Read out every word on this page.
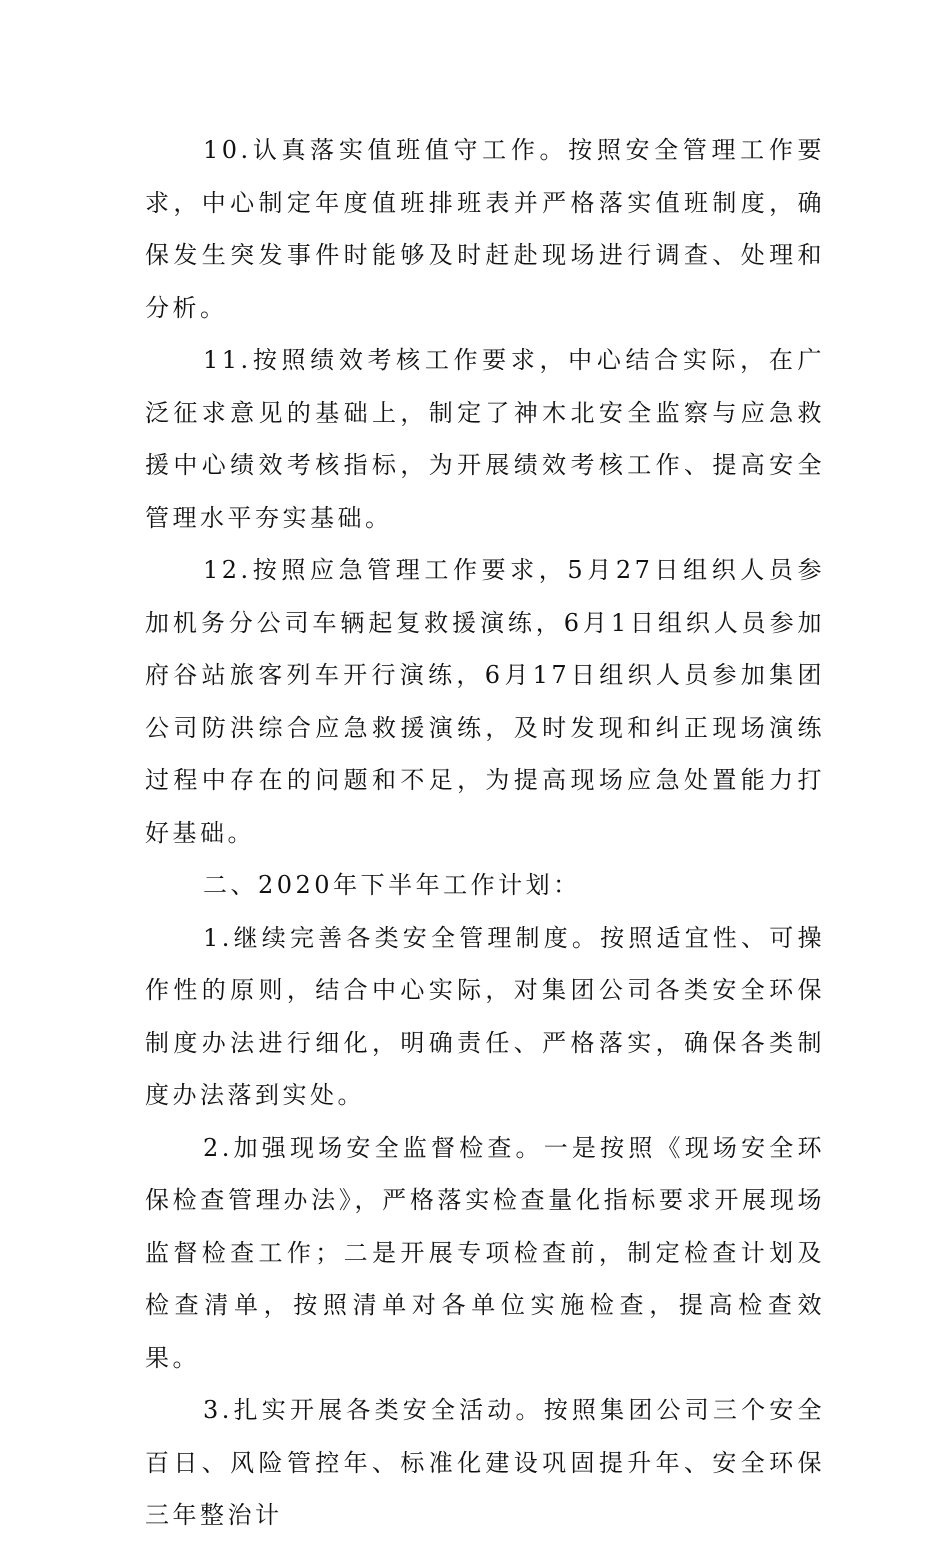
10.认真落实值班值守工作。按照安全管理工作要求，中心制定年度值班排班表并严格落实值班制度，确保发生突发事件时能够及时赶赴现场进行调查、处理和分析。

11.按照绩效考核工作要求，中心结合实际，在广泛征求意见的基础上，制定了神木北安全监察与应急救援中心绩效考核指标，为开展绩效考核工作、提高安全管理水平夯实基础。

12.按照应急管理工作要求，5月27日组织人员参加机务分公司车辆起复救援演练，6月1日组织人员参加府谷站旅客列车开行演练，6月17日组织人员参加集团公司防洪综合应急救援演练，及时发现和纠正现场演练过程中存在的问题和不足，为提高现场应急处置能力打好基础。

二、2020年下半年工作计划：

1.继续完善各类安全管理制度。按照适宜性、可操作性的原则，结合中心实际，对集团公司各类安全环保制度办法进行细化，明确责任、严格落实，确保各类制度办法落到实处。

2.加强现场安全监督检查。一是按照《现场安全环保检查管理办法》，严格落实检查量化指标要求开展现场监督检查工作；二是开展专项检查前，制定检查计划及检查清单，按照清单对各单位实施检查，提高检查效果。

3.扎实开展各类安全活动。按照集团公司三个安全百日、风险管控年、标准化建设巩固提升年、安全环保三年整治计
